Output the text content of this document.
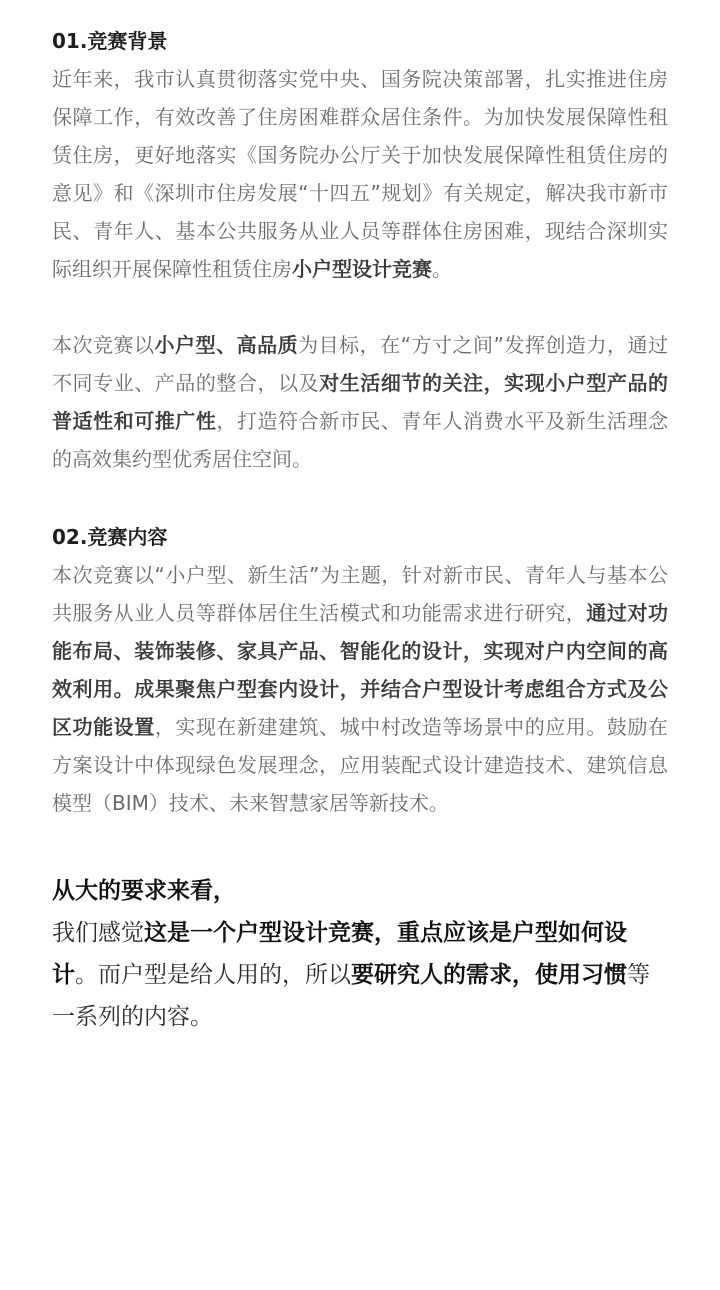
01.竞赛背景

近年来，我市认真贯彻落实党中央、国务院决策部署，扎实推进住房保障工作，有效改善了住房困难群众居住条件。为加快发展保障性租赁住房，更好地落实《国务院办公厅关于加快发展保障性租赁住房的意见》和《深圳市住房发展“十四五”规划》有关规定，解决我市新市民、青年人、基本公共服务从业人员等群体住房困难，现结合深圳实际组织开展保障性租赁住房小户型设计竞赛。

本次竞赛以小户型、高品质为目标，在“方寸之间”发挥创造力，通过不同专业、产品的整合，以及对生活细节的关注，实现小户型产品的普适性和可推广性，打造符合新市民、青年人消费水平及新生活理念的高效集约型优秀居住空间。

02.竞赛内容

本次竞赛以“小户型、新生活”为主题，针对新市民、青年人与基本公共服务从业人员等群体居住生活模式和功能需求进行研究，通过对功能布局、装饰装修、家具产品、智能化的设计，实现对户内空间的高效利用。成果聚焦户型套内设计，并结合户型设计考虑组合方式及公区功能设置，实现在新建建筑、城中村改造等场景中的应用。鼓励在方案设计中体现绿色发展理念，应用装配式设计建造技术、建筑信息模型（BIM）技术、未来智慧家居等新技术。

从大的要求来看，

我们感觉这是一个户型设计竞赛，重点应该是户型如何设计。而户型是给人用的，所以要研究人的需求，使用习惯等一系列的内容。
